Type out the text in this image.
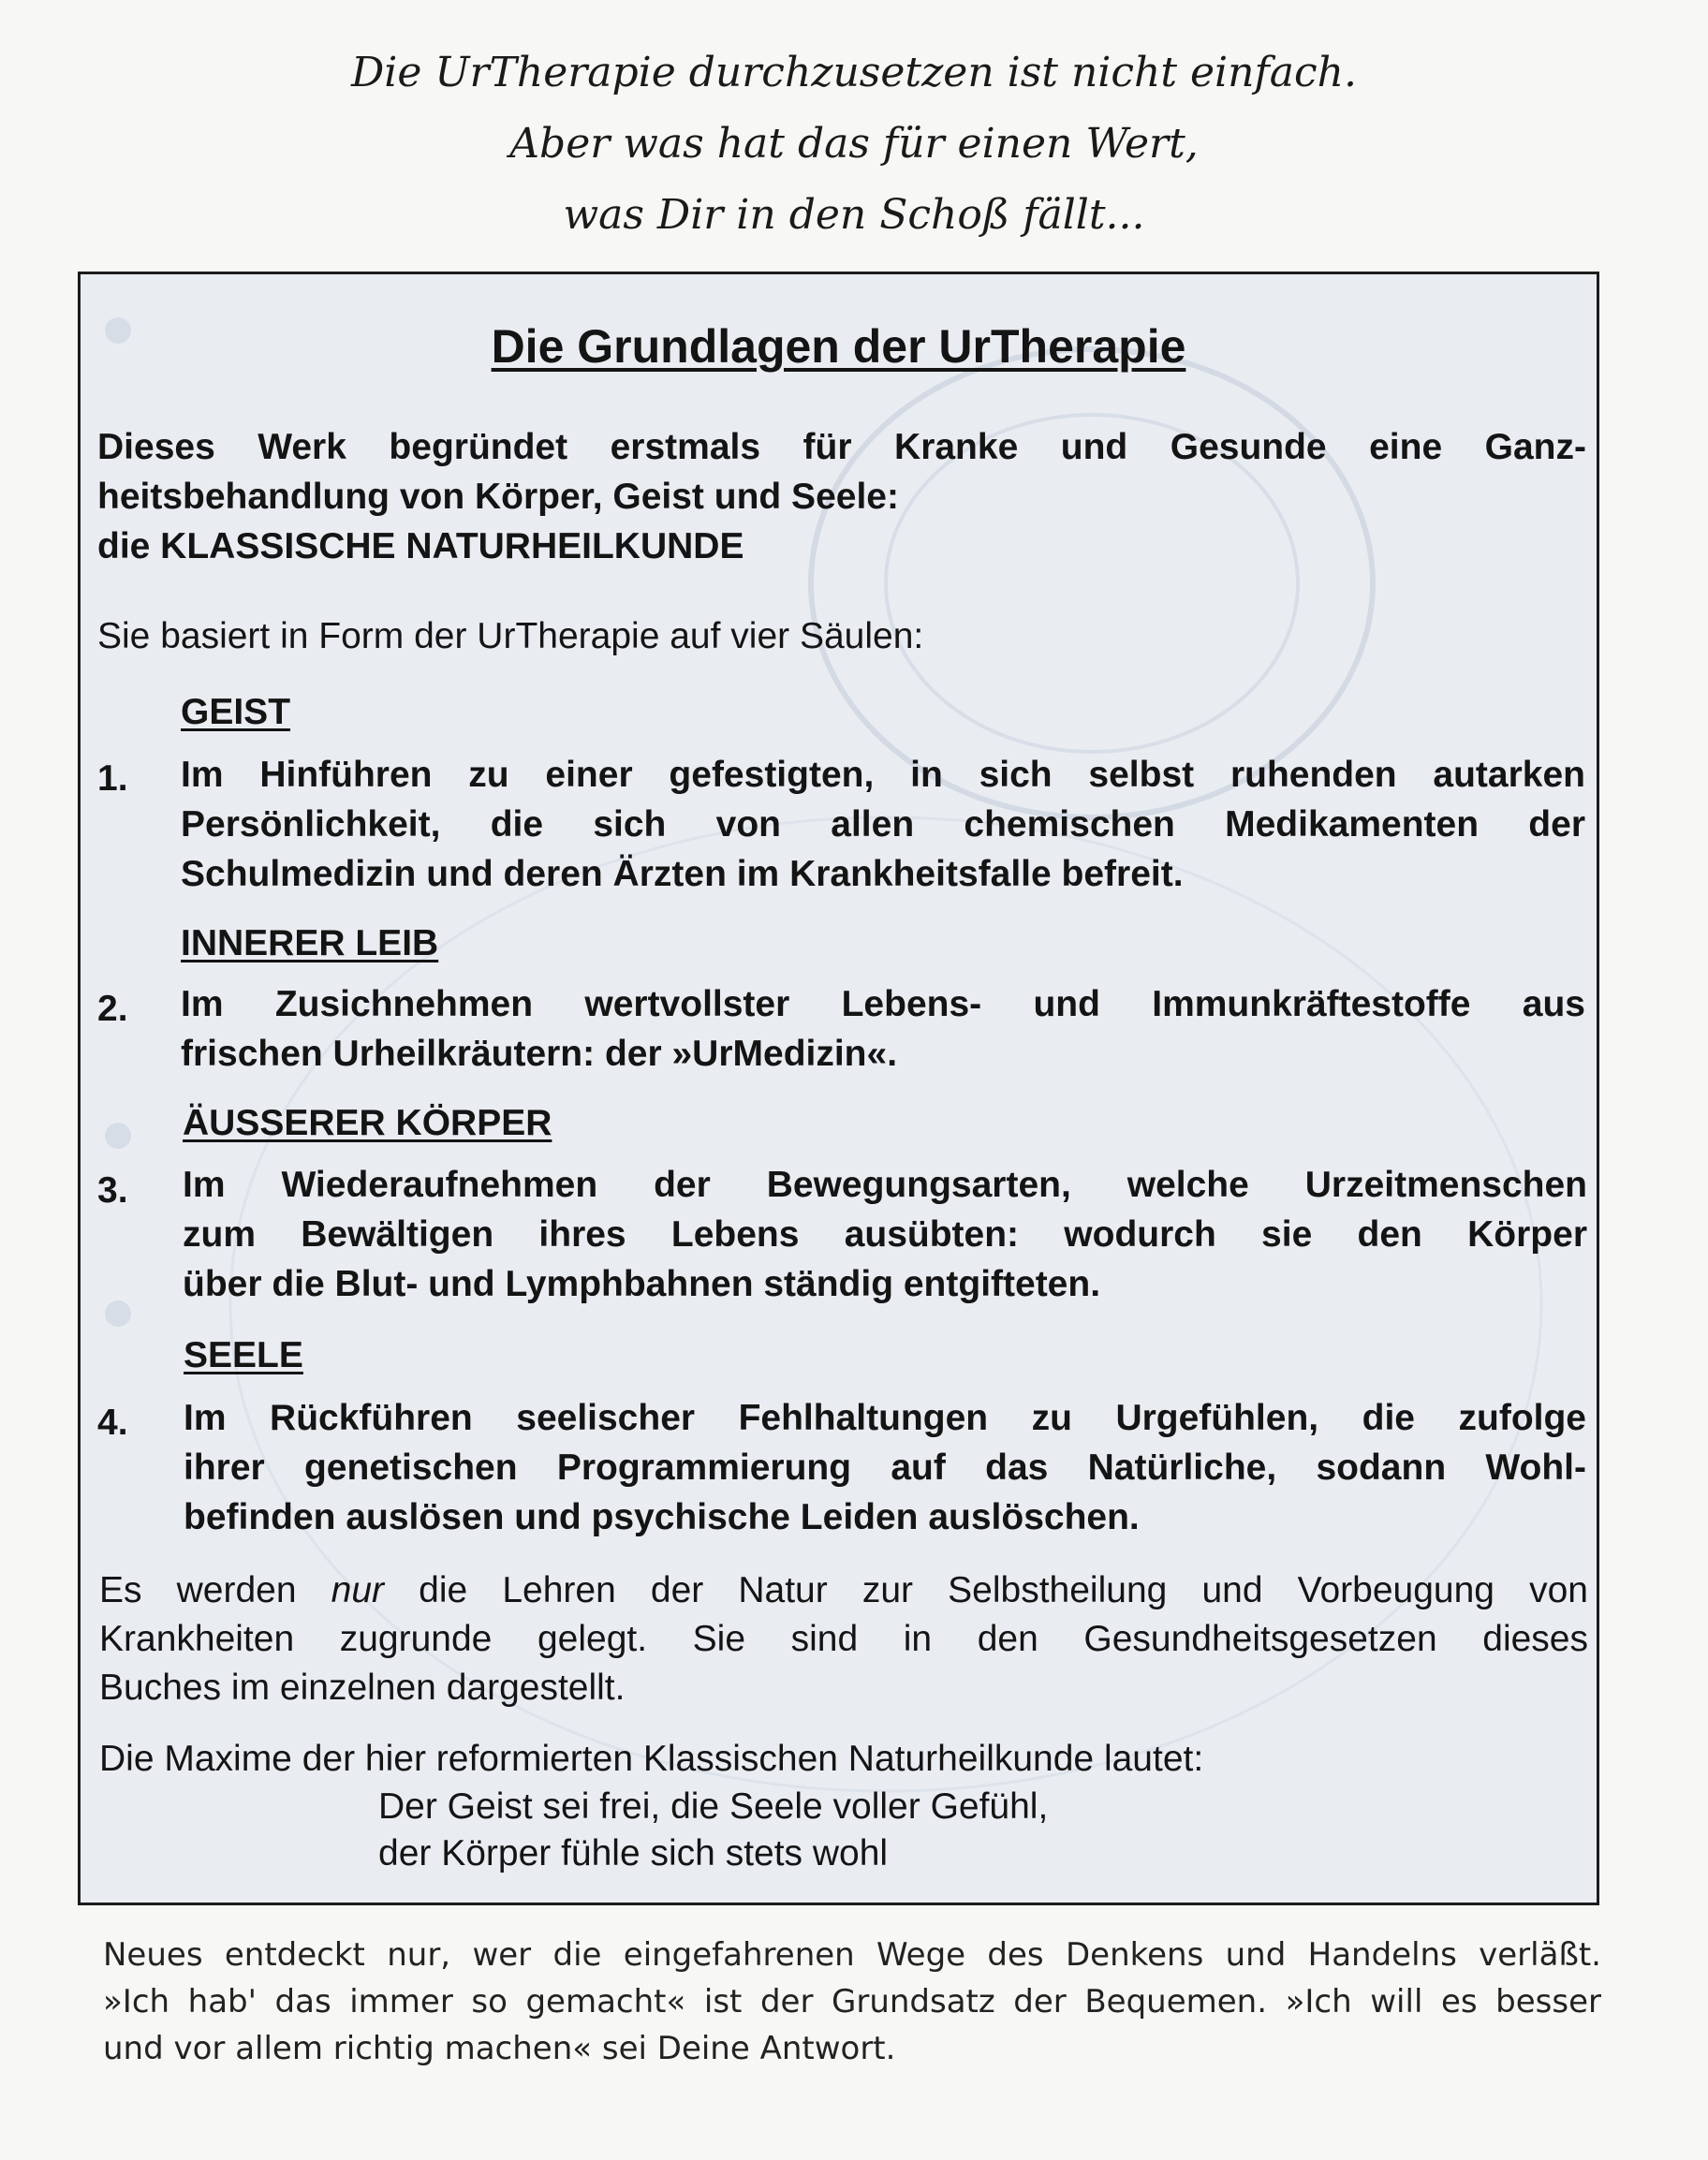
Die UrTherapie durchzusetzen ist nicht einfach.
Aber was hat das für einen Wert,
was Dir in den Schoß fällt...
Die Grundlagen der UrTherapie
Dieses Werk begründet erstmals für Kranke und Gesunde eine Ganz-
heitsbehandlung von Körper, Geist und Seele:
die KLASSISCHE NATURHEILKUNDE
Sie basiert in Form der UrTherapie auf vier Säulen:
GEIST
1. Im Hinführen zu einer gefestigten, in sich selbst ruhenden autarken
Persönlichkeit, die sich von allen chemischen Medikamenten der
Schulmedizin und deren Ärzten im Krankheitsfalle befreit.
INNERER LEIB
2. Im Zusichnehmen wertvollster Lebens- und Immunkräftestoffe aus
frischen Urheilkräutern: der »UrMedizin«.
ÄUSSERER KÖRPER
3. Im Wiederaufnehmen der Bewegungsarten, welche Urzeitmenschen
zum Bewältigen ihres Lebens ausübten: wodurch sie den Körper
über die Blut- und Lymphbahnen ständig entgifteten.
SEELE
4. Im Rückführen seelischer Fehlhaltungen zu Urgefühlen, die zufolge
ihrer genetischen Programmierung auf das Natürliche, sodann Wohl-
befinden auslösen und psychische Leiden auslöschen.
Es werden nur die Lehren der Natur zur Selbstheilung und Vorbeugung von
Krankheiten zugrunde gelegt. Sie sind in den Gesundheitsgesetzen dieses
Buches im einzelnen dargestellt.
Die Maxime der hier reformierten Klassischen Naturheilkunde lautet:
Der Geist sei frei, die Seele voller Gefühl,
der Körper fühle sich stets wohl
Neues entdeckt nur, wer die eingefahrenen Wege des Denkens und Handelns verläßt.
»Ich hab' das immer so gemacht« ist der Grundsatz der Bequemen. »Ich will es besser
und vor allem richtig machen« sei Deine Antwort.
